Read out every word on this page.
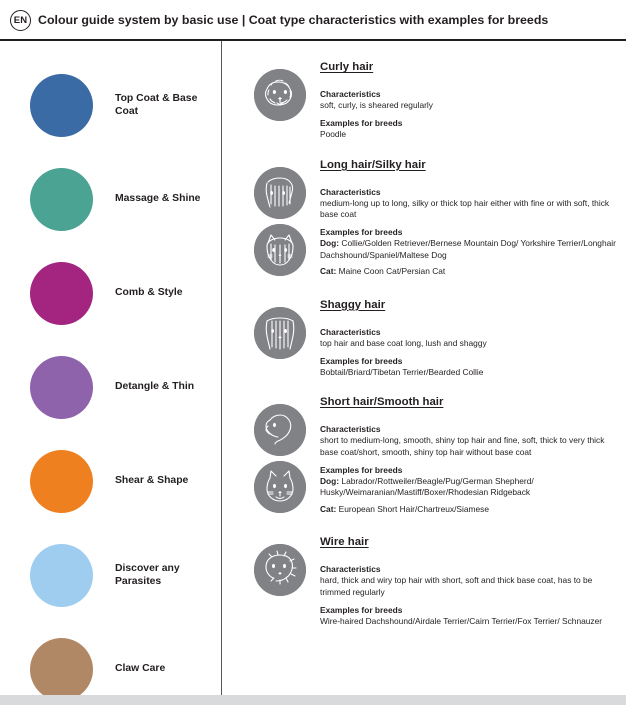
EN Colour guide system by basic use | Coat type characteristics with examples for breeds
Top Coat & Base Coat
Massage & Shine
Comb & Style
Detangle & Thin
Shear & Shape
Discover any Parasites
Claw Care
Curly hair
Characteristics
soft, curly, is sheared regularly
Examples for breeds
Poodle
Long hair/Silky hair
Characteristics
medium-long up to long, silky or thick top hair either with fine or with soft, thick base coat
Examples for breeds
Dog: Collie/Golden Retriever/Bernese Mountain Dog/ Yorkshire Terrier/Longhair Dachshound/Spaniel/Maltese Dog
Cat: Maine Coon Cat/Persian Cat
Shaggy hair
Characteristics
top hair and base coat long, lush and shaggy
Examples for breeds
Bobtail/Briard/Tibetan Terrier/Bearded Collie
Short hair/Smooth hair
Characteristics
short to medium-long, smooth, shiny top hair and fine, soft, thick to very thick base coat/short, smooth, shiny top hair without base coat
Examples for breeds
Dog: Labrador/Rottweiler/Beagle/Pug/German Shepherd/ Husky/Weimaranian/Mastiff/Boxer/Rhodesian Ridgeback
Cat: European Short Hair/Chartreux/Siamese
Wire hair
Characteristics
hard, thick and wiry top hair with short, soft and thick base coat, has to be trimmed regularly
Examples for breeds
Wire-haired Dachshound/Airdale Terrier/Cairn Terrier/Fox Terrier/ Schnauzer
